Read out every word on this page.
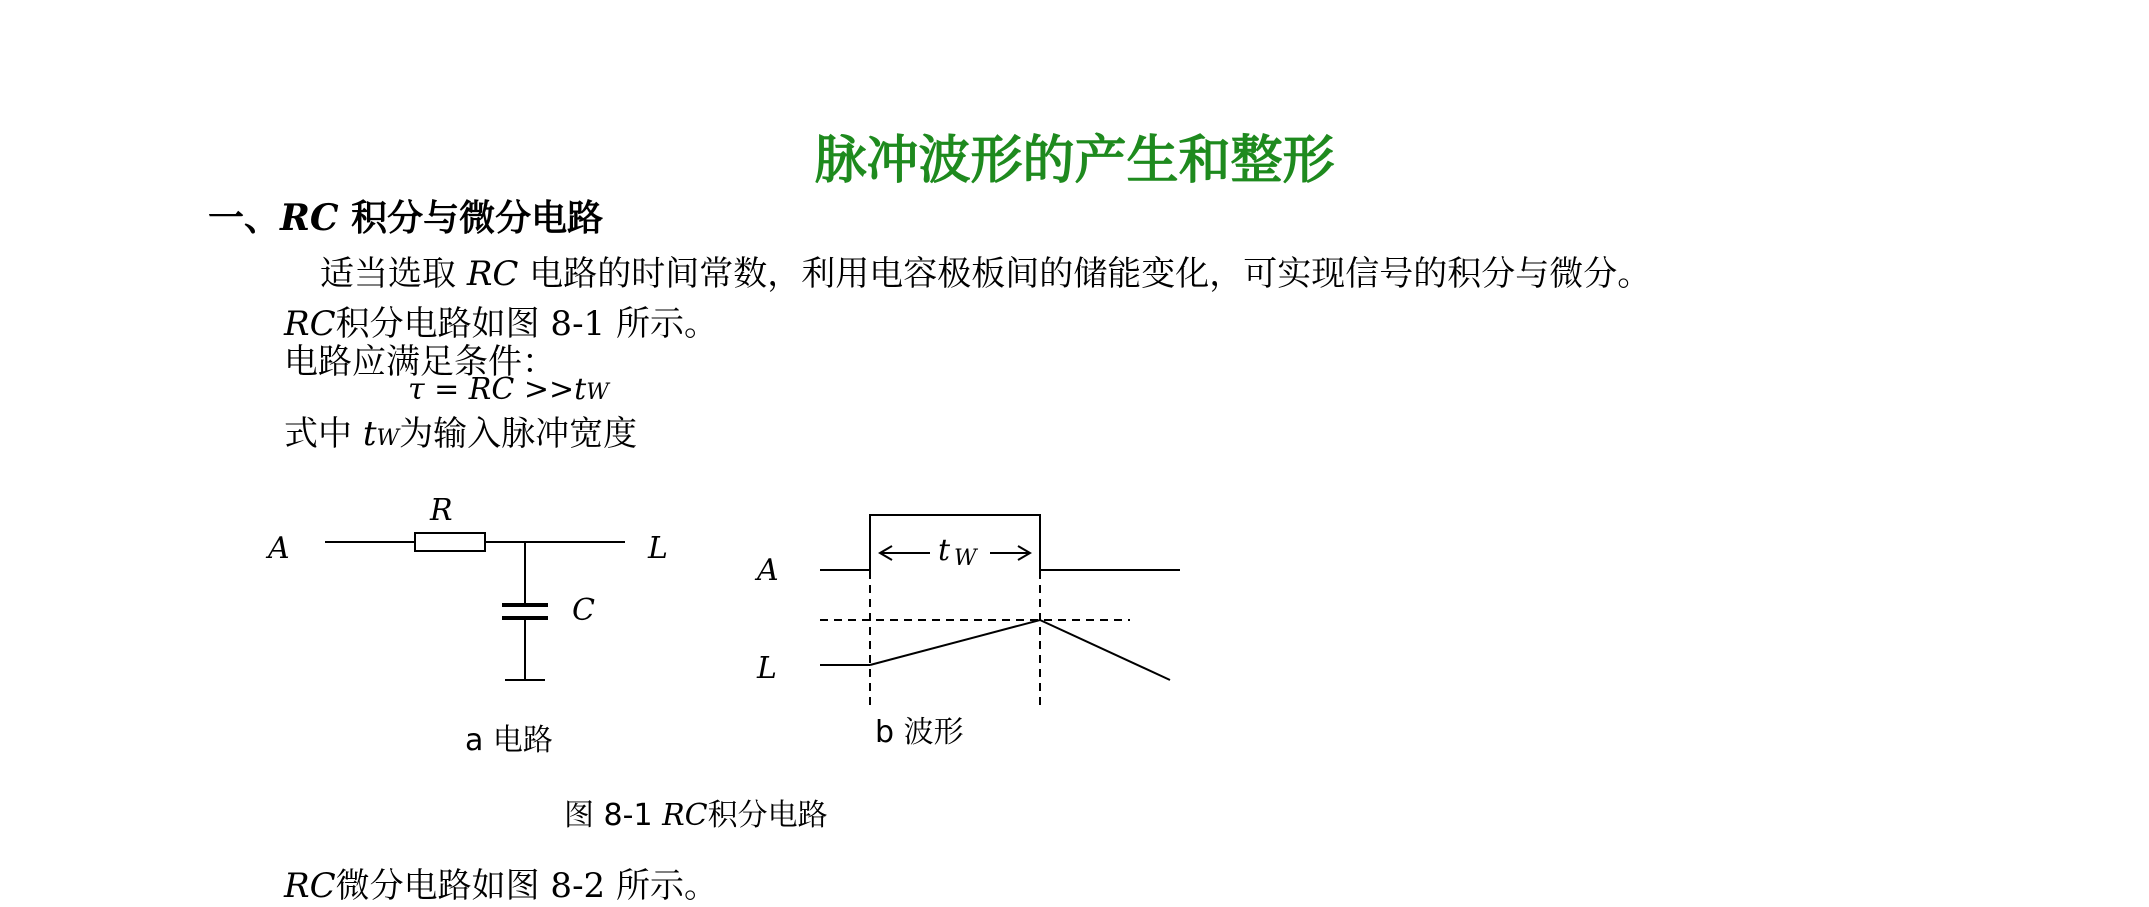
脉冲波形的产生和整形
一、RC 积分与微分电路
适当选取 RC 电路的时间常数，利用电容极板间的储能变化，可实现信号的积分与微分。
RC积分电路如图 8-1 所示。
电路应满足条件：
τ = RC >>tW
式中 tW为输入脉冲宽度
A
R
L
C
a 电路
A
L
t W
b 波形
图 8-1 RC积分电路
RC微分电路如图 8-2 所示。
